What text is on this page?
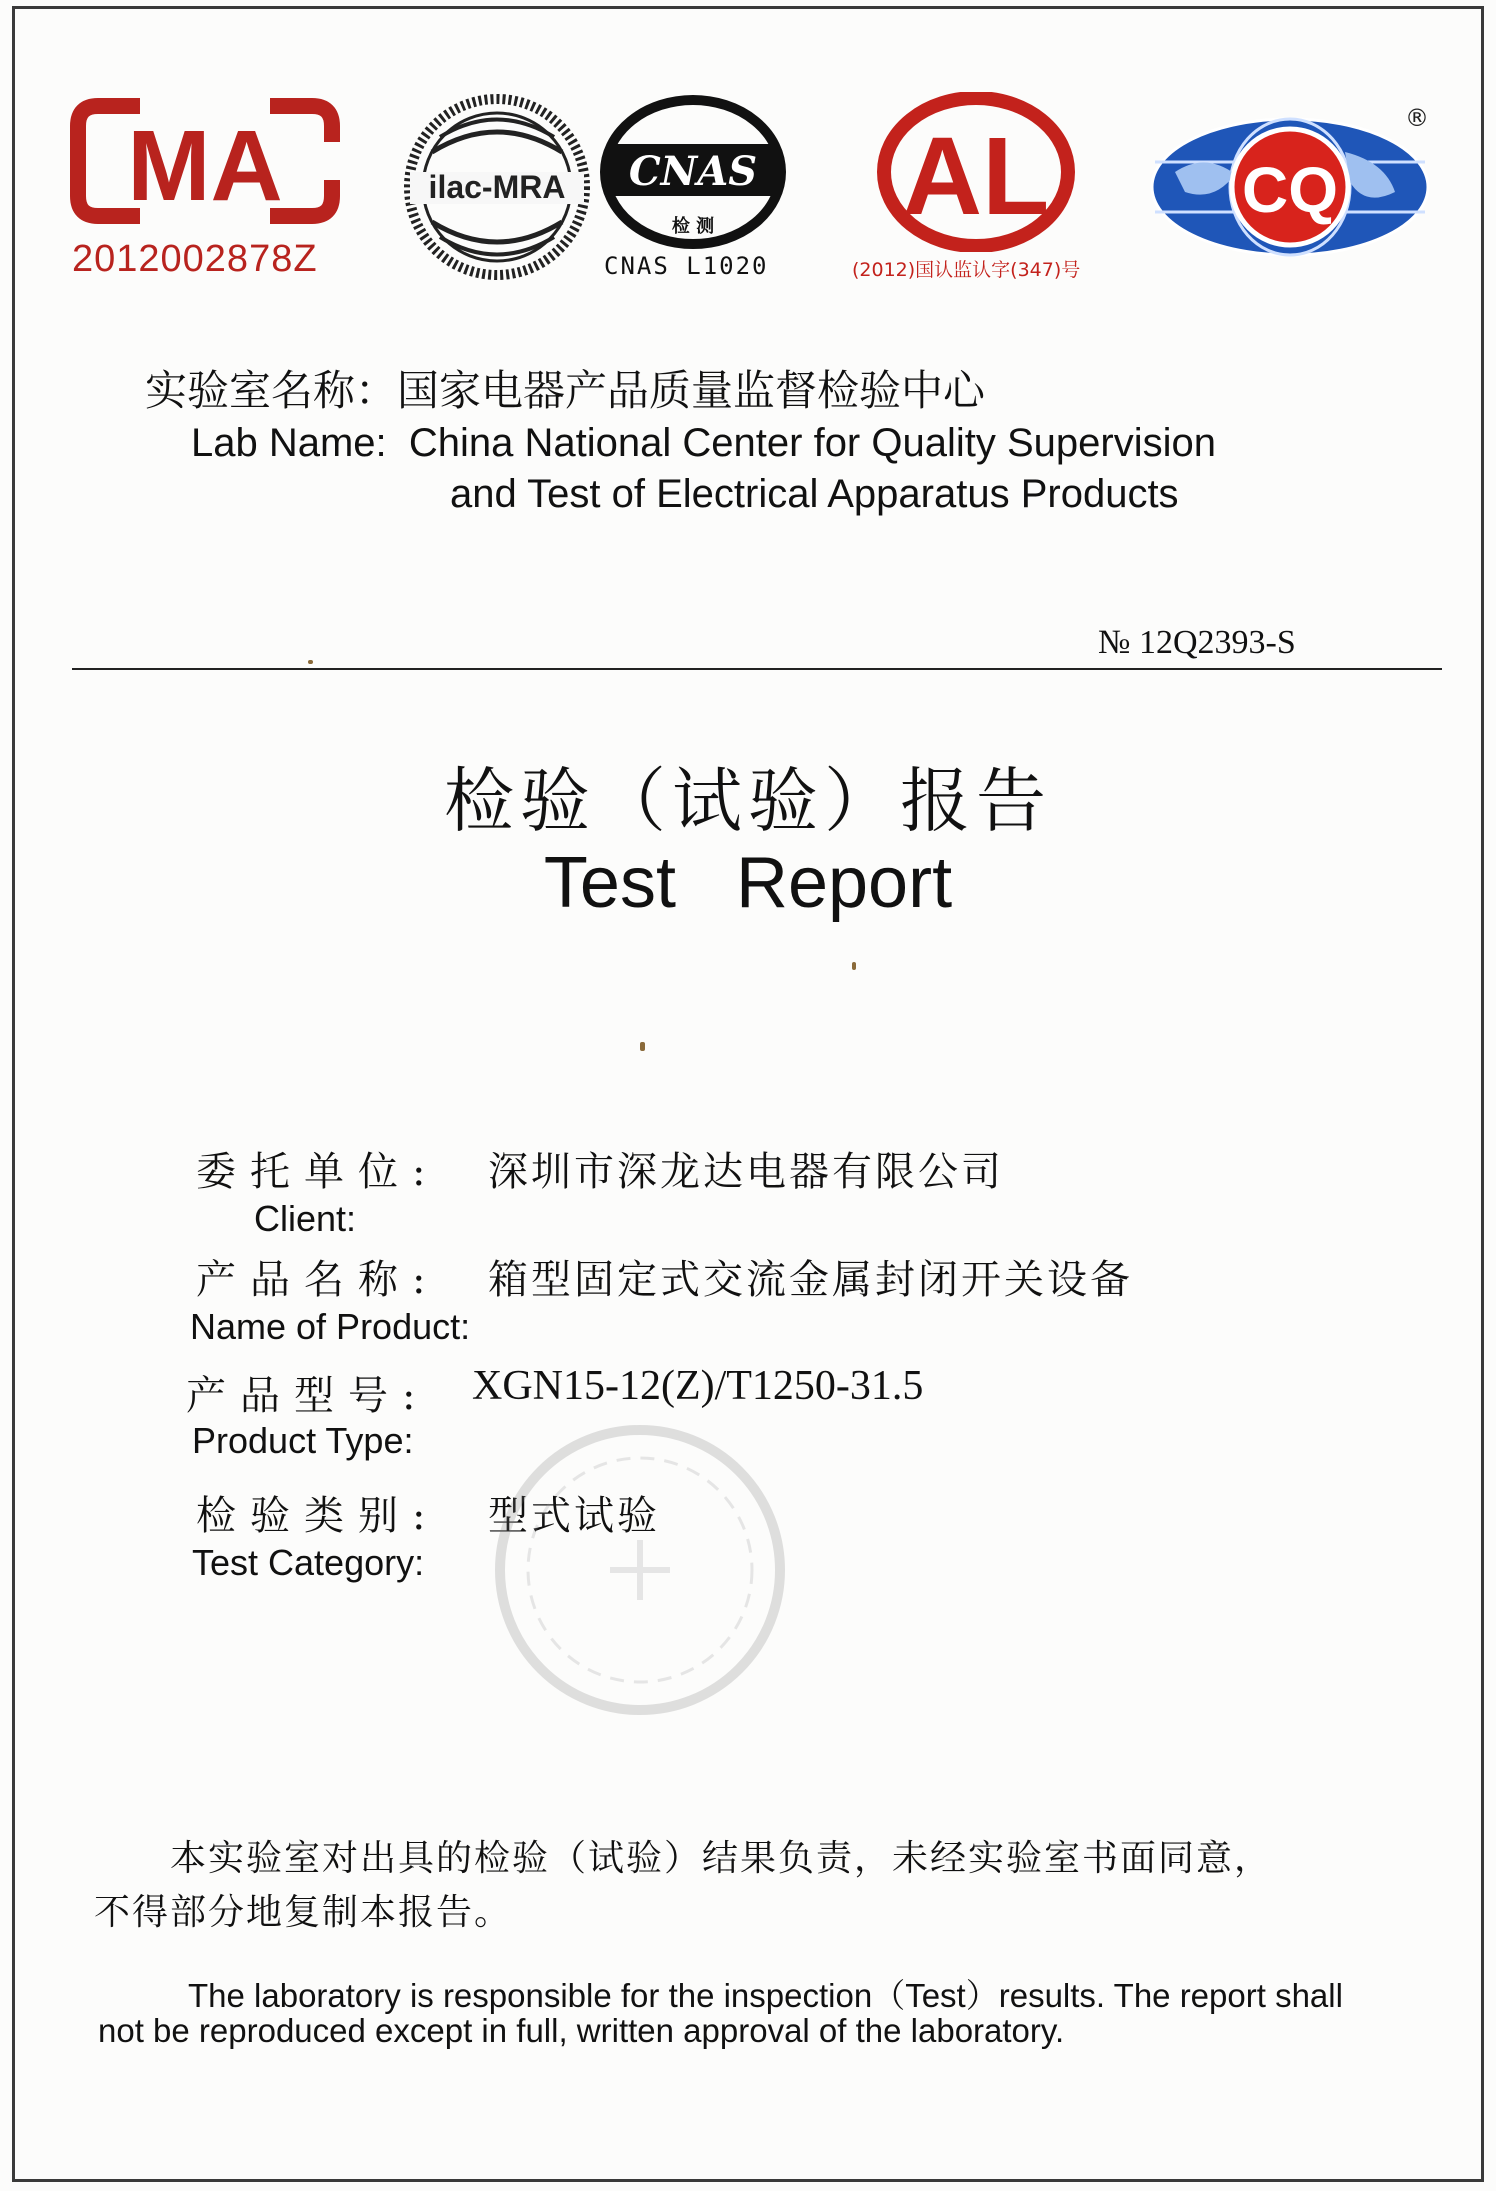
MA
2012002878Z
ilac-MRA CNAS
检 测
CNAS L1020
AL
(2012)国认监认字(347)号
CQ
®
实验室名称：国家电器产品质量监督检验中心
Lab Name: China National Center for Quality Supervision
and Test of Electrical Apparatus Products
№ 12Q2393-S
检验（试验）报告
Test Report
委托单位: 深圳市深龙达电器有限公司
Client:
产品名称: 箱型固定式交流金属封闭开关设备
Name of Product:
产品型号: XGN15-12(Z)/T1250-31.5
Product Type:
检验类别: 型式试验
Test Category:
本实验室对出具的检验（试验）结果负责，未经实验室书面同意，
不得部分地复制本报告。
The laboratory is responsible for the inspection（Test）results. The report shall
not be reproduced except in full, written approval of the laboratory.
